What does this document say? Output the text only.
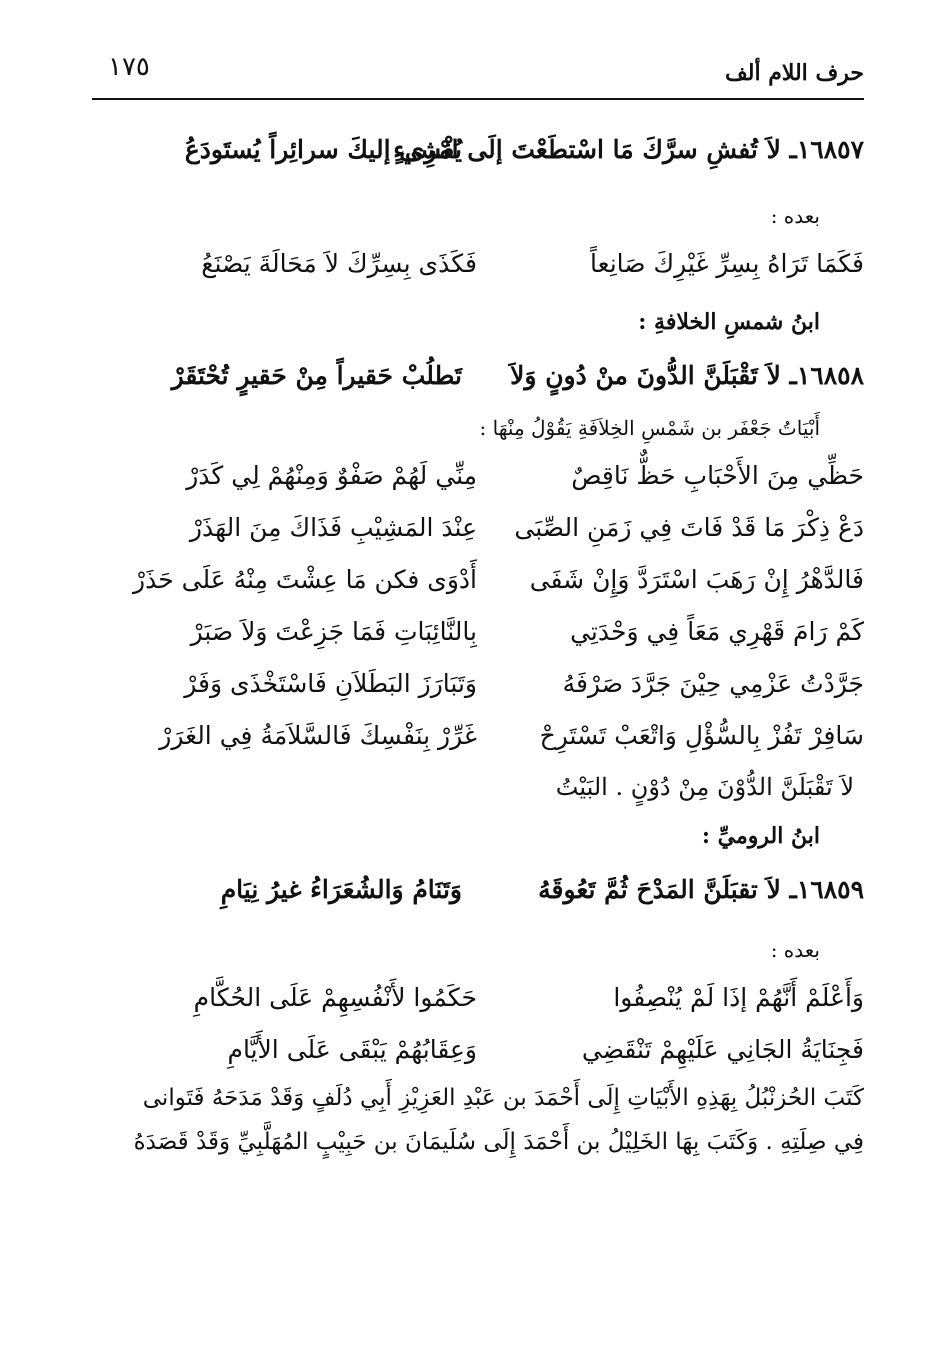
حرف اللام ألف
١٧٥
١٦٨٥٧ـ لاَ تُفشِ سرَّكَ مَا اسْتطَعْتَ إلَى امْرِىءٍ
يُفْشي إليكَ سرائِراً يُستَودَعُ
بعده :
فَكَمَا تَرَاهُ بِسِرِّ غَيْرِكَ صَانِعاً
فَكَذَى بِسِرِّكَ لاَ مَحَالَةَ يَصْنَعُ
ابنُ شمسِ الخلافةِ :
١٦٨٥٨ـ لاَ تَقْبَلَنَّ الدُّونَ منْ دُونٍ وَلاَ
تَطلُبْ حَقيراً مِنْ حَقيرٍ تُحْتَقَرْ
أَبْيَاتُ جَعْفَر بن شَمْسِ الخِلاَفَةِ يَقُوْلُ مِنْهَا :
حَظِّي مِنَ الأَحْبَابِ حَظٌّ نَاقِصٌ
مِنِّي لَهُمْ صَفْوٌ وَمِنْهُمْ لِي كَدَرْ
دَعْ ذِكْرَ مَا قَدْ فَاتَ فِي زَمَنِ الصِّبَى
عِنْدَ المَشِيْبِ فَذَاكَ مِنَ الهَذَرْ
فَالدَّهْرُ إِنْ رَهَبَ اسْتَرَدَّ وَإِنْ شَفَى
أَدْوَى فكن مَا عِشْتَ مِنْهُ عَلَى حَذَرْ
كَمْ رَامَ قَهْرِي مَعَاً فِي وَحْدَتِي
بِالنَّائِبَاتِ فَمَا جَزِعْتَ وَلاَ صَبَرْ
جَرَّدْتُ عَزْمِي حِيْنَ جَرَّدَ صَرْفَهُ
وَتَبَارَزَ البَطَلاَنِ فَاسْتَخْذَى وَفَرْ
سَافِرْ تَفُزْ بِالسُّؤْلِ وَاتْعَبْ تَسْتَرِحْ
غَرِّرْ بِنَفْسِكَ فَالسَّلاَمَةُ فِي الغَرَرْ
لاَ تَقْبَلَنَّ الدُّوْنَ مِنْ دُوْنٍ . البَيْتُ
ابنُ الروميِّ :
١٦٨٥٩ـ لاَ تقبَلَنَّ المَدْحَ ثُمَّ تَعُوقَهُ
وَتَنَامُ وَالشُعَرَاءُ غيرُ نِيَامِ
بعده :
وَأَعْلَمْ أَنَّهُمْ إذَا لَمْ يُنْصِفُوا
حَكَمُوا لأَنْفُسِهِمْ عَلَى الحُكَّامِ
فَجِنَايَةُ الجَانِي عَلَيْهِمْ تَنْقَضِي
وَعِقَابُهُمْ يَبْقَى عَلَى الأَيَّامِ
كَتَبَ الحُزنْبُلُ بِهَذِهِ الأَبْيَاتِ إِلَى أَحْمَدَ بن عَبْدِ العَزِيْزِ أَبِي دُلَفٍ وَقَدْ مَدَحَهُ فَتَوانى
فِي صِلَتِهِ . وَكَتَبَ بِهَا الخَلِيْلُ بن أَحْمَدَ إِلَى سُلَيمَانَ بن حَبِيْبٍ المُهَلَّبِيِّ وَقَدْ قَصَدَهُ
